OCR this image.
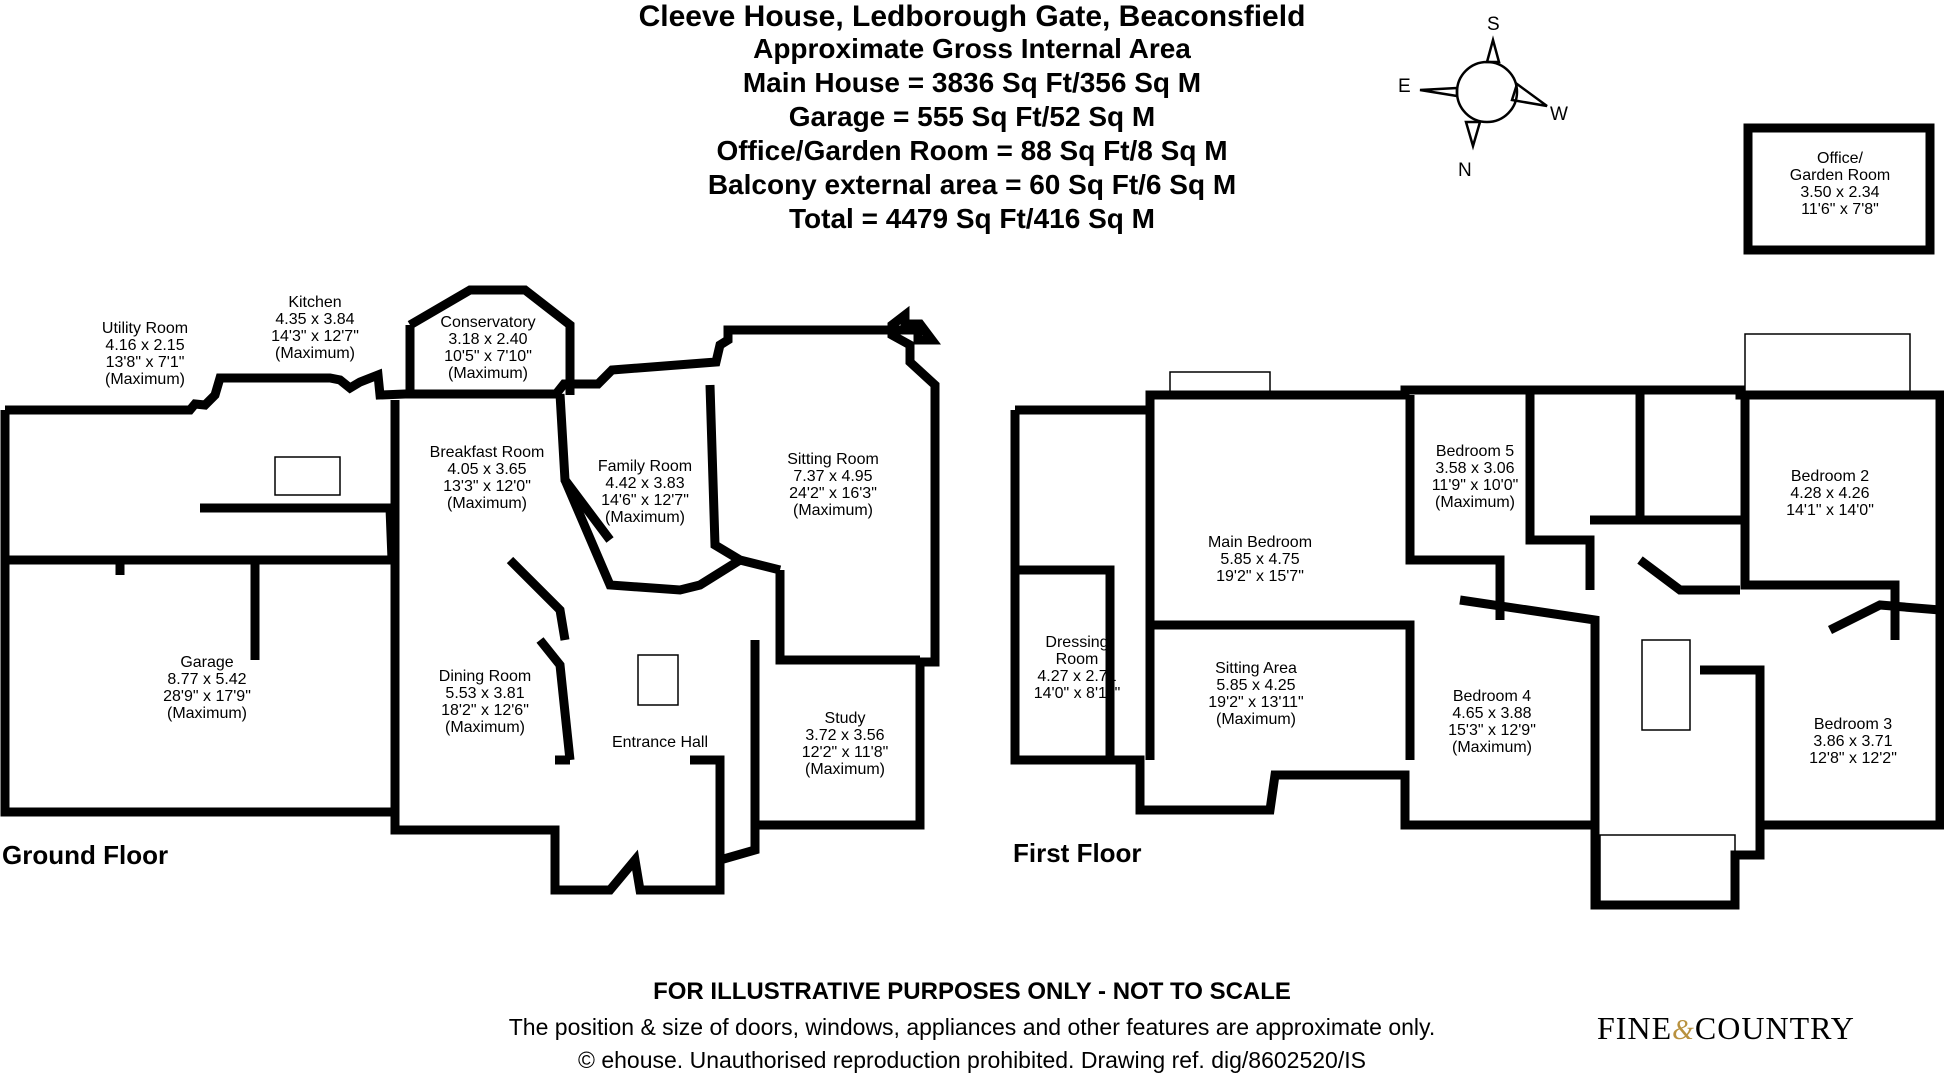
Cleeve House, Ledborough Gate, Beaconsfield
Approximate Gross Internal Area
Main House = 3836 Sq Ft/356 Sq M
Garage = 555 Sq Ft/52 Sq M
Office/Garden Room = 88 Sq Ft/8 Sq M
Balcony external area = 60 Sq Ft/6 Sq M
Total = 4479 Sq Ft/416 Sq M
S
E
W
N
Ground Floor	First Floor
Office/
Garden Room
3.50 x 2.34
11'6" x 7'8"
Utility Room
4.16 x 2.15
13'8" x 7'1"
(Maximum)
Kitchen
4.35 x 3.84
14'3" x 12'7"
(Maximum)
Conservatory
3.18 x 2.40
10'5" x 7'10"
(Maximum)
Breakfast Room
4.05 x 3.65
13'3" x 12'0"
(Maximum)
Family Room
4.42 x 3.83
14'6" x 12'7"
(Maximum)
Sitting Room
7.37 x 4.95
24'2" x 16'3"
(Maximum)
Garage
8.77 x 5.42
28'9" x 17'9"
(Maximum)
Dining Room
5.53 x 3.81
18'2" x 12'6"
(Maximum)
Entrance Hall
Study
3.72 x 3.56
12'2" x 11'8"
(Maximum)
Main Bedroom
5.85 x 4.75
19'2" x 15'7"
Bedroom 5
3.58 x 3.06
11'9" x 10'0"
(Maximum)
Bedroom 2
4.28 x 4.26
14'1" x 14'0"
Dressing
Room
4.27 x 2.71
14'0" x 8'11"
Sitting Area
5.85 x 4.25
19'2" x 13'11"
(Maximum)
Bedroom 4
4.65 x 3.88
15'3" x 12'9"
(Maximum)
Bedroom 3
3.86 x 3.71
12'8" x 12'2"
FOR ILLUSTRATIVE PURPOSES ONLY - NOT TO SCALE
The position & size of doors, windows, appliances and other features are approximate only.
© ehouse. Unauthorised reproduction prohibited. Drawing ref. dig/8602520/IS
FINE&COUNTRY
